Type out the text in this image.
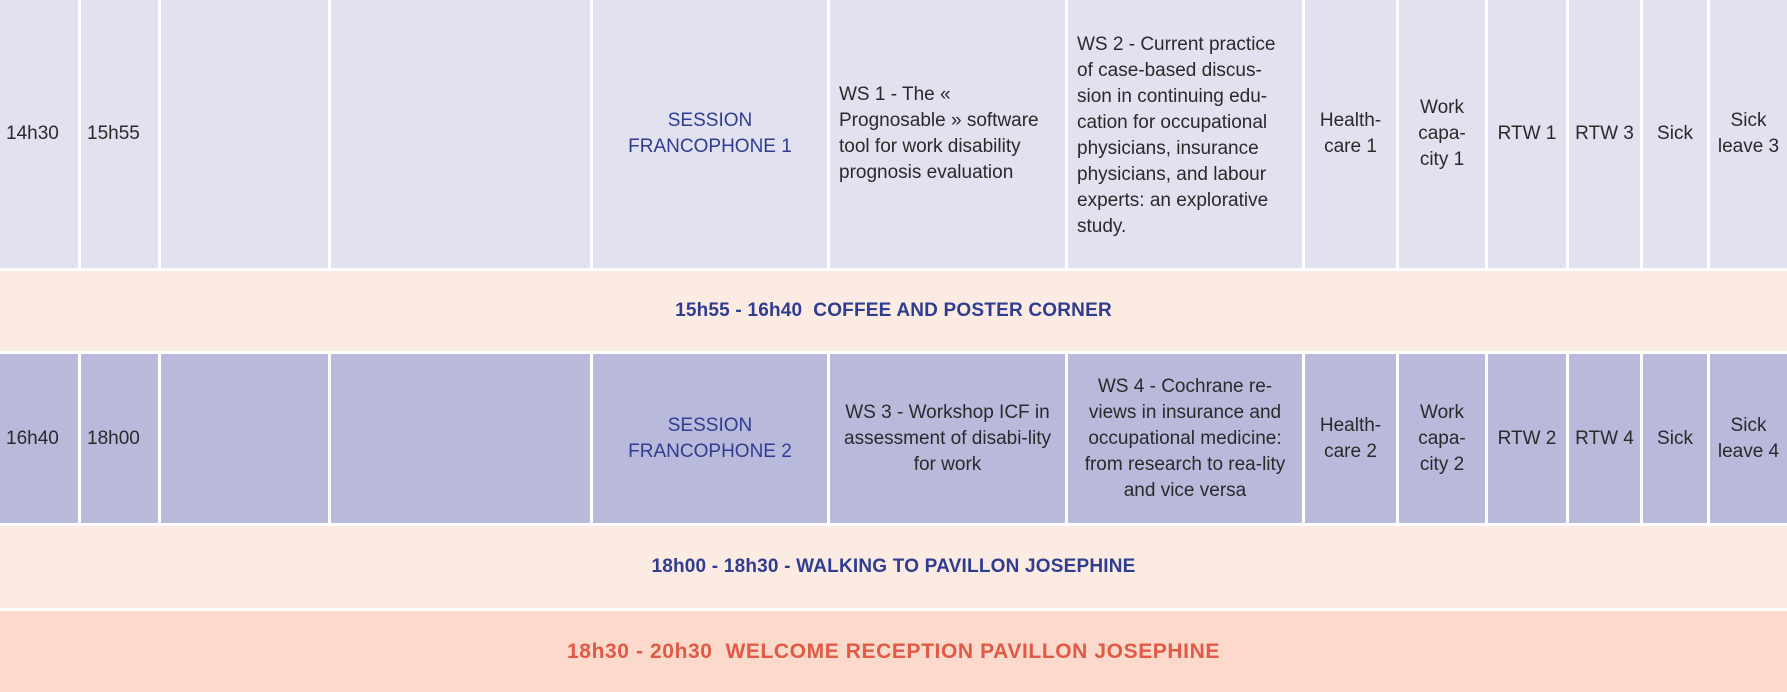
14h30 15h55
SESSION FRANCOPHONE 1
WS 1 - The « Prognosable » software tool for work disability prognosis evaluation
WS 2 - Current practice of case-based discus-sion in continuing edu-cation for occupational physicians, insurance physicians, and labour experts: an explorative study.
Health-care 1
Work capa-city 1
RTW 1 RTW 3 Sick
Sick leave 3
15h55 - 16h40
COFFEE AND POSTER CORNER
16h40 18h00
SESSION FRANCOPHONE 2
WS 3 - Workshop ICF in assessment of disabi-lity for work
WS 4 - Cochrane re-views in insurance and occupational medicine: from research to rea-lity and vice versa
Health-care 2
Work capa-city 2
RTW 2 RTW 4 Sick
Sick leave 4
18h00 - 18h30 -
WALKING TO PAVILLON JOSEPHINE
18h30 - 20h30
WELCOME RECEPTION PAVILLON JOSEPHINE
